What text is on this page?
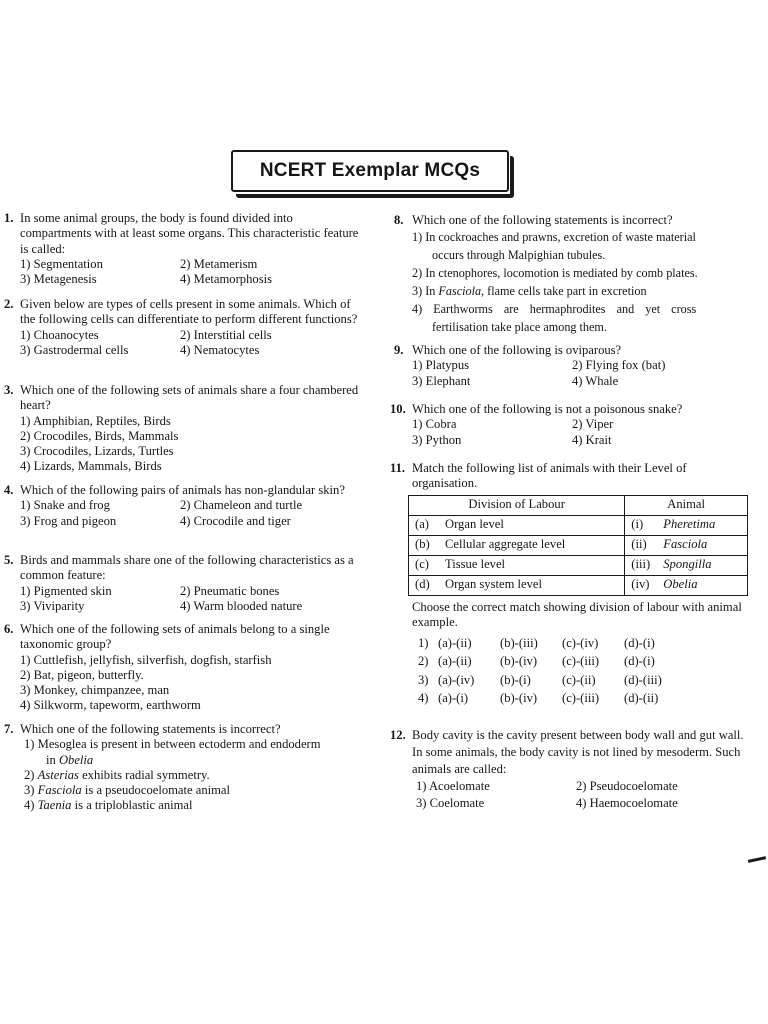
NCERT Exemplar MCQs
1. In some animal groups, the body is found divided into compartments with at least some organs. This characteristic feature is called:
1) Segmentation	2) Metamerism
3) Metagenesis	4) Metamorphosis
2. Given below are types of cells present in some animals. Which of the following cells can differentiate to perform different functions?
1) Choanocytes	2) Interstitial cells
3) Gastrodermal cells	4) Nematocytes
3. Which one of the following sets of animals share a four chambered heart?
1) Amphibian, Reptiles, Birds
2) Crocodiles, Birds, Mammals
3) Crocodiles, Lizards, Turtles
4) Lizards, Mammals, Birds
4. Which of the following pairs of animals has non-glandular skin?
1) Snake and frog	2) Chameleon and turtle
3) Frog and pigeon	4) Crocodile and tiger
5. Birds and mammals share one of the following characteristics as a common feature:
1) Pigmented skin	2) Pneumatic bones
3) Viviparity	4) Warm blooded nature
6. Which one of the following sets of animals belong to a single taxonomic group?
1) Cuttlefish, jellyfish, silverfish, dogfish, starfish
2) Bat, pigeon, butterfly.
3) Monkey, chimpanzee, man
4) Silkworm, tapeworm, earthworm
7. Which one of the following statements is incorrect?
1) Mesoglea is present in between ectoderm and endoderm
in Obelia
2) Asterias exhibits radial symmetry.
3) Fasciola is a pseudocoelomate animal
4) Taenia is a triploblastic animal
8. Which one of the following statements is incorrect?
1) In cockroaches and prawns, excretion of waste material
occurs through Malpighian tubules.
2) In ctenophores, locomotion is mediated by comb plates.
3) In Fasciola, flame cells take part in excretion
4) Earthworms are hermaphrodites and yet cross
fertilisation take place among them.
9. Which one of the following is oviparous?
1) Platypus	2) Flying fox (bat)
3) Elephant	4) Whale
10. Which one of the following is not a poisonous snake?
1) Cobra	2) Viper
3) Python	4) Krait
11. Match the following list of animals with their Level of organisation.
Division of Labour		Animal	
(a)	Organ level	(i)	Pheretima
(b)	Cellular aggregate level	(ii)	Fasciola
(c)	Tissue level	(iii)	Spongilla
(d)	Organ system level	(iv)	Obelia
Choose the correct match showing division of labour with animal example.
1) (a)-(ii)	(b)-(iii)	(c)-(iv)	(d)-(i)
2) (a)-(ii)	(b)-(iv)	(c)-(iii)	(d)-(i)
3) (a)-(iv)	(b)-(i)	(c)-(ii)	(d)-(iii)
4) (a)-(i)	(b)-(iv)	(c)-(iii)	(d)-(ii)
12. Body cavity is the cavity present between body wall and gut wall. In some animals, the body cavity is not lined by mesoderm. Such animals are called:
1) Acoelomate	2) Pseudocoelomate
3) Coelomate	4) Haemocoelomate
